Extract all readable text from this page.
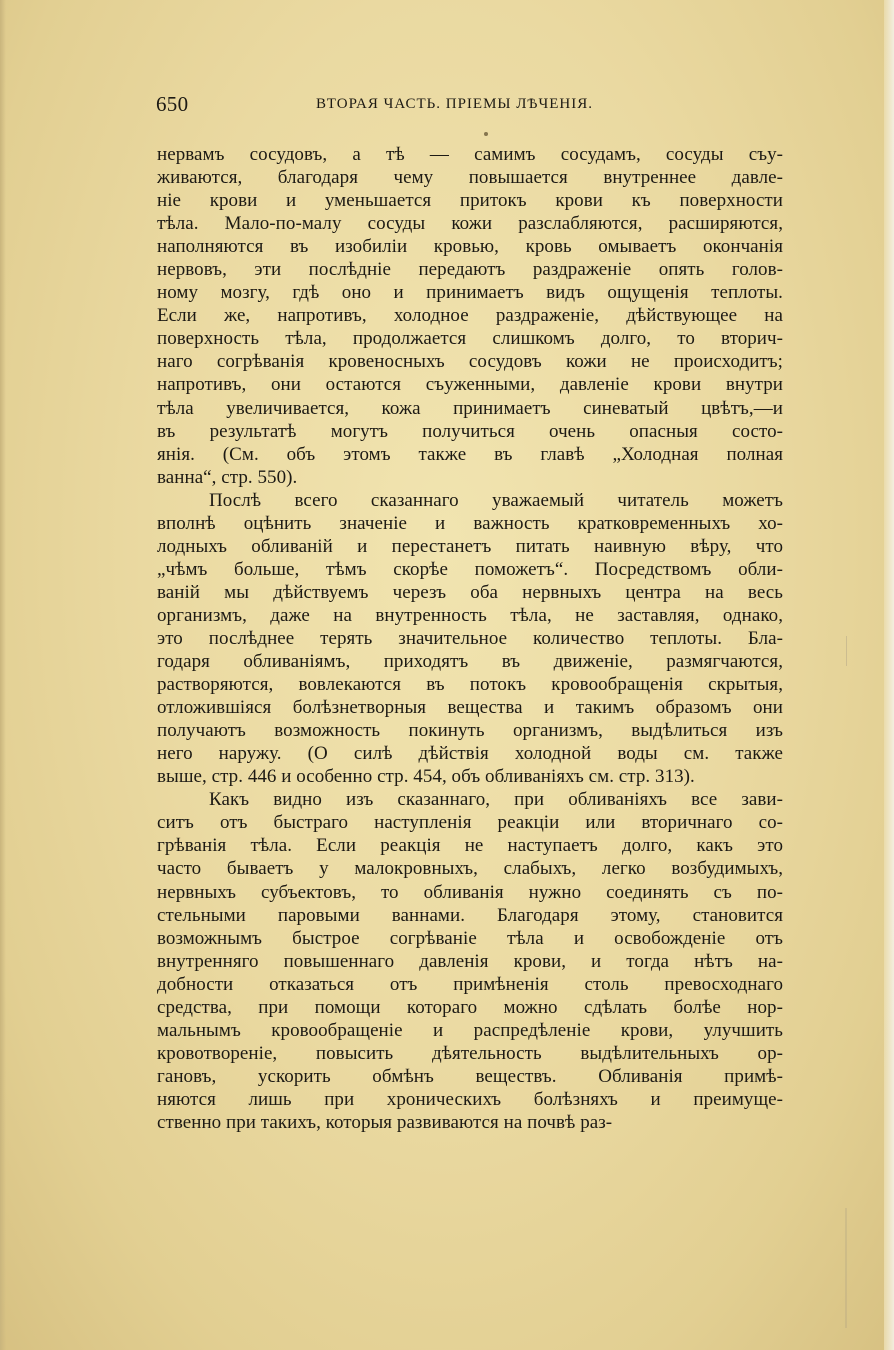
650	ВТОРАЯ ЧАСТЬ. ПРIЕМЫ ЛѢЧЕНIЯ.
нервамъ сосудовъ, а тѣ — самимъ сосудамъ, сосуды съу-
живаются, благодаря чему повышается внутреннее давле-
нiе крови и уменьшается притокъ крови къ поверхности
тѣла. Мало-по-малу сосуды кожи разслабляются, расширяются,
наполняются въ изобилiи кровью, кровь омываетъ окончанiя
нервовъ, эти послѣднiе передаютъ раздраженiе опять голов-
ному мозгу, гдѣ оно и принимаетъ видъ ощущенiя теплоты.
Если же, напротивъ, холодное раздраженiе, дѣйствующее на
поверхность тѣла, продолжается слишкомъ долго, то вторич-
наго согрѣванiя кровеносныхъ сосудовъ кожи не происходитъ;
напротивъ, они остаются съуженными, давленiе крови внутри
тѣла увеличивается, кожа принимаетъ синеватый цвѣтъ,—и
въ результатѣ могутъ получиться очень опасныя состо-
янiя. (См. объ этомъ также въ главѣ „Холодная полная
ванна“, стр. 550).
Послѣ всего сказаннаго уважаемый читатель можетъ
вполнѣ оцѣнить значенiе и важность кратковременныхъ хо-
лодныхъ обливанiй и перестанетъ питать наивную вѣру, что
„чѣмъ больше, тѣмъ скорѣе поможетъ“. Посредствомъ обли-
ванiй мы дѣйствуемъ черезъ оба нервныхъ центра на весь
организмъ, даже на внутренность тѣла, не заставляя, однако,
это послѣднее терять значительное количество теплоты. Бла-
годаря обливанiямъ, приходятъ въ движенiе, размягчаются,
растворяются, вовлекаются въ потокъ кровообращенiя скрытыя,
отложившiяся болѣзнетворныя вещества и такимъ образомъ они
получаютъ возможность покинуть организмъ, выдѣлиться изъ
него наружу. (О силѣ дѣйствiя холодной воды см. также
выше, стр. 446 и особенно стр. 454, объ обливанiяхъ см. стр. 313).
Какъ видно изъ сказаннаго, при обливанiяхъ все зави-
ситъ отъ быстраго наступленiя реакцiи или вторичнаго со-
грѣванiя тѣла. Если реакцiя не наступаетъ долго, какъ это
часто бываетъ у малокровныхъ, слабыхъ, легко возбудимыхъ,
нервныхъ субъектовъ, то обливанiя нужно соединять съ по-
стельными паровыми ваннами. Благодаря этому, становится
возможнымъ быстрое согрѣванiе тѣла и освобожденiе отъ
внутренняго повышеннаго давленiя крови, и тогда нѣтъ на-
добности отказаться отъ примѣненiя столь превосходнаго
средства, при помощи котораго можно сдѣлать болѣе нор-
мальнымъ кровообращенiе и распредѣленiе крови, улучшить
кровотворенiе, повысить дѣятельность выдѣлительныхъ ор-
гановъ, ускорить обмѣнъ веществъ. Обливанiя примѣ-
няются лишь при хроническихъ болѣзняхъ и преимуще-
ственно при такихъ, которыя развиваются на почвѣ раз-
